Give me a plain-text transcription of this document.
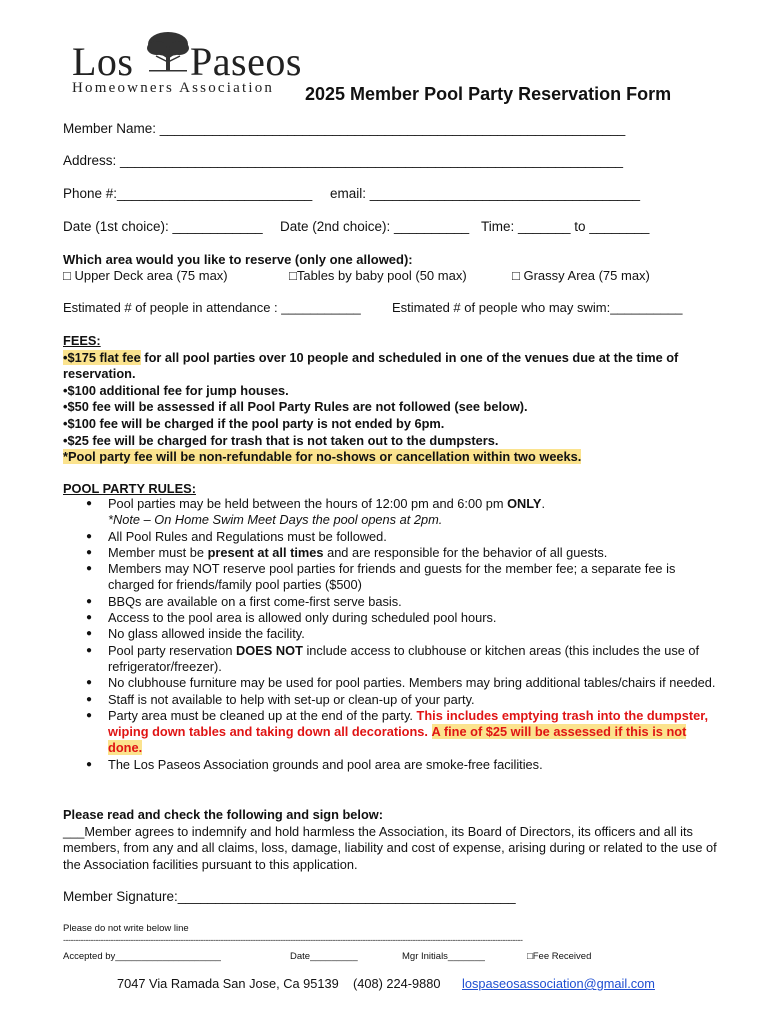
Los Paseos
Homeowners Association 2025 Member Pool Party Reservation Form
Member Name: ______________________________________________________________
Address: ___________________________________________________________________
Phone #:__________________________ email: ____________________________________
Date (1st choice): ____________ Date (2nd choice): __________ Time: _______ to ________
Which area would you like to reserve (only one allowed):
□ Upper Deck area (75 max)	□Tables by baby pool (50 max)	□ Grassy Area (75 max)
Estimated # of people in attendance : ___________ Estimated # of people who may swim:__________
FEES:
•$175 flat fee for all pool parties over 10 people and scheduled in one of the venues due at the time of reservation.
•$100 additional fee for jump houses.
•$50 fee will be assessed if all Pool Party Rules are not followed (see below).
•$100 fee will be charged if the pool party is not ended by 6pm.
•$25 fee will be charged for trash that is not taken out to the dumpsters.
*Pool party fee will be non-refundable for no-shows or cancellation within two weeks.
POOL PARTY RULES:
● Pool parties may be held between the hours of 12:00 pm and 6:00 pm ONLY.
*Note – On Home Swim Meet Days the pool opens at 2pm.
● All Pool Rules and Regulations must be followed.
● Member must be present at all times and are responsible for the behavior of all guests.
● Members may NOT reserve pool parties for friends and guests for the member fee; a separate fee is charged for friends/family pool parties ($500)
● BBQs are available on a first come-first serve basis.
● Access to the pool area is allowed only during scheduled pool hours.
● No glass allowed inside the facility.
● Pool party reservation DOES NOT include access to clubhouse or kitchen areas (this includes the use of refrigerator/freezer).
● No clubhouse furniture may be used for pool parties. Members may bring additional tables/chairs if needed.
● Staff is not available to help with set-up or clean-up of your party.
● Party area must be cleaned up at the end of the party. This includes emptying trash into the dumpster, wiping down tables and taking down all decorations. A fine of $25 will be assessed if this is not done.
● The Los Paseos Association grounds and pool area are smoke-free facilities.
Please read and check the following and sign below:
___Member agrees to indemnify and hold harmless the Association, its Board of Directors, its officers and all its members, from any and all claims, loss, damage, liability and cost of expense, arising during or related to the use of the Association facilities pursuant to this application.
Member Signature:_____________________________________________
Please do not write below line
----------------------------------------------------------------------------------------------------------------------------------------------------------------------------------------
Accepted by____________________	Date_________	Mgr Initials_______	□Fee Received
7047 Via Ramada San Jose, Ca 95139 (408) 224-9880 lospaseosassociation@gmail.com
